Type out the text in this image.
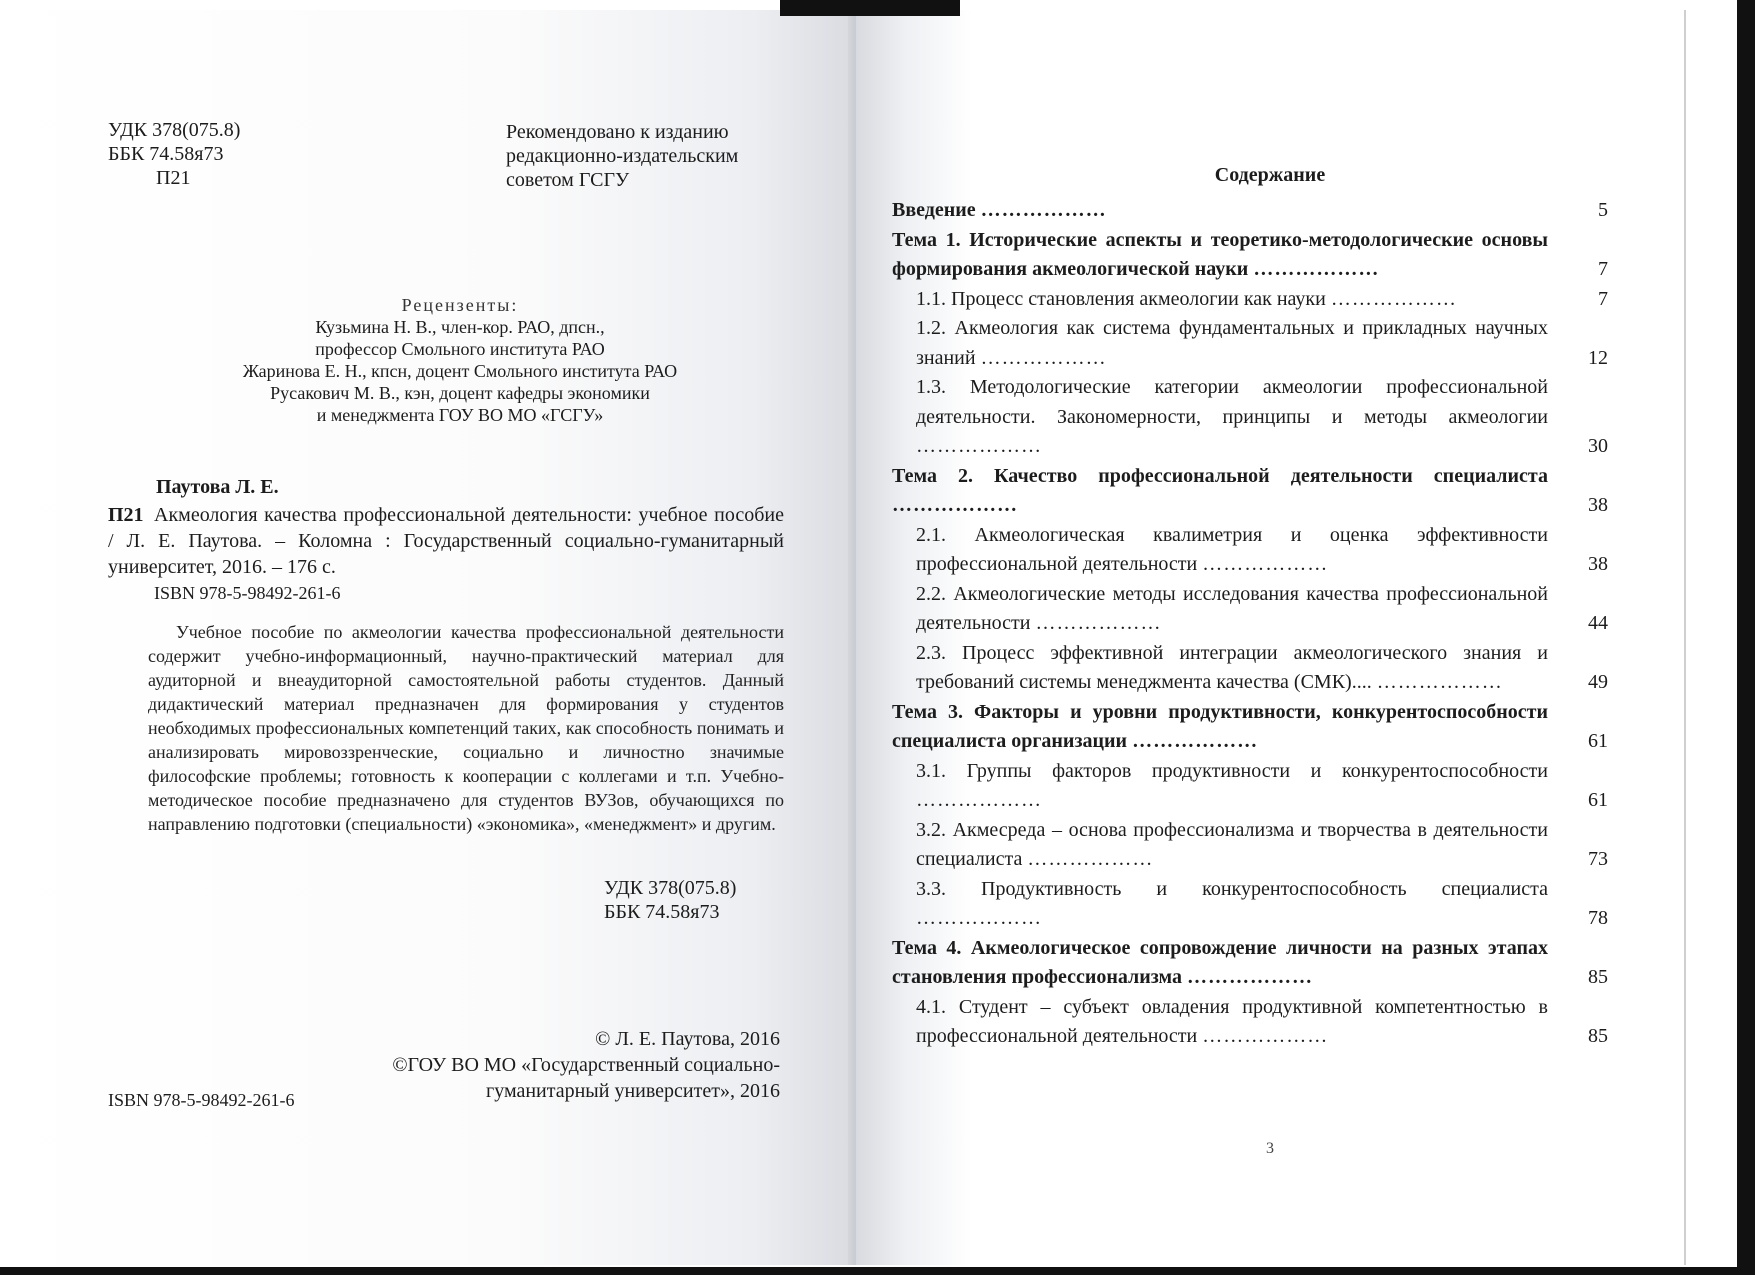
УДК 378(075.8)
ББК 74.58я73
П21
Рекомендовано к изданию
редакционно-издательским
советом ГСГУ
Рецензенты:
Кузьмина Н. В., член-кор. РАО, дпсн.,
профессор Смольного института РАО
Жаринова Е. Н., кпсн, доцент Смольного института РАО
Русакович М. В., кэн, доцент кафедры экономики
и менеджмента ГОУ ВО МО «ГСГУ»
Паутова Л. Е.
П21 Акмеология качества профессиональной деятельности: учебное пособие / Л. Е. Паутова. – Коломна : Государственный социально-гуманитарный университет, 2016. – 176 с.
ISBN 978-5-98492-261-6
Учебное пособие по акмеологии качества профессиональной деятельности содержит учебно-информационный, научно-практический материал для аудиторной и внеаудиторной самостоятельной работы студентов. Данный дидактический материал предназначен для формирования у студентов необходимых профессиональных компетенций таких, как способность понимать и анализировать мировоззренческие, социально и личностно значимые философские проблемы; готовность к кооперации с коллегами и т.п. Учебно-методическое пособие предназначено для студентов ВУЗов, обучающихся по направлению подготовки (специальности) «экономика», «менеджмент» и другим.
УДК 378(075.8)
ББК 74.58я73
© Л. Е. Паутова, 2016
©ГОУ ВО МО «Государственный социально-
гуманитарный университет», 2016
ISBN 978-5-98492-261-6
Содержание
Введение ………………	5
Тема 1. Исторические аспекты и теоретико-методологические основы формирования акмеологической науки ………………	7
1.1. Процесс становления акмеологии как науки ………………	7
1.2. Акмеология как система фундаментальных и прикладных научных знаний ………………	12
1.3. Методологические категории акмеологии профессиональной деятельности. Закономерности, принципы и методы акмеологии ………………	30
Тема 2. Качество профессиональной деятельности специалиста ………………	38
2.1. Акмеологическая квалиметрия и оценка эффективности профессиональной деятельности ………………	38
2.2. Акмеологические методы исследования качества профессиональной деятельности ………………	44
2.3. Процесс эффективной интеграции акмеологического знания и требований системы менеджмента качества (СМК).... ………………	49
Тема 3. Факторы и уровни продуктивности, конкурентоспособности специалиста организации ………………	61
3.1. Группы факторов продуктивности и конкурентоспособности ………………	61
3.2. Акмесреда – основа профессионализма и творчества в деятельности специалиста ………………	73
3.3. Продуктивность и конкурентоспособность специалиста ………………	78
Тема 4. Акмеологическое сопровождение личности на разных этапах становления профессионализма ………………	85
4.1. Студент – субъект овладения продуктивной компетентностью в профессиональной деятельности ………………	85
3
